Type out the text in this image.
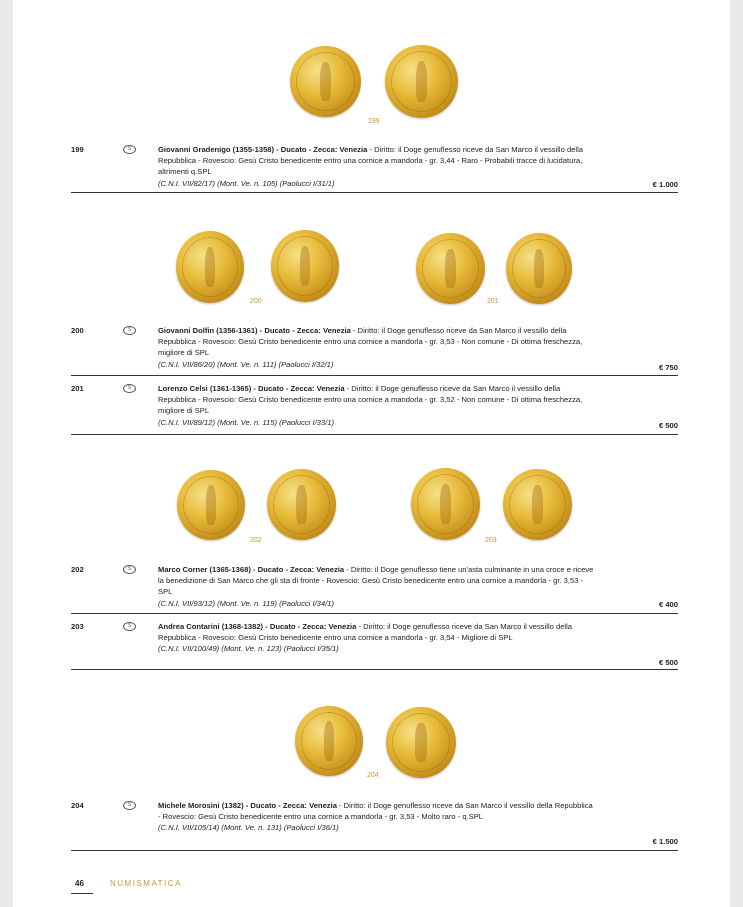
199
199	S	Giovanni Gradenigo (1355-1358) - Ducato - Zecca: Venezia - Diritto: il Doge genuflesso riceve da San Marco il vessillo della Repubblica - Rovescio: Gesù Cristo benedicente entro una cornice a mandorla - gr. 3,44 - Raro - Probabili tracce di lucidatura, altrimenti q.SPL
(C.N.I. VII/82/17) (Mont. Ve. n. 105) (Paolucci I/31/1)	€ 1.000
200	201
200	S	Giovanni Dolfin (1356-1361) - Ducato - Zecca: Venezia - Diritto: il Doge genuflesso riceve da San Marco il vessillo della Repubblica - Rovescio: Gesù Cristo benedicente entro una cornice a mandorla - gr. 3,53 - Non comune - Di ottima freschezza, migliore di SPL
(C.N.I. VII/86/20) (Mont. Ve. n. 111) (Paolucci I/32/1)	€ 750
201	S	Lorenzo Celsi (1361-1365) - Ducato - Zecca: Venezia - Diritto: il Doge genuflesso riceve da San Marco il vessillo della Repubblica - Rovescio: Gesù Cristo benedicente entro una cornice a mandorla - gr. 3,52 - Non comune - Di ottima freschezza, migliore di SPL
(C.N.I. VII/89/12) (Mont. Ve. n. 115) (Paolucci I/33/1)	€ 500
202	203
202	S	Marco Corner (1365-1368) - Ducato - Zecca: Venezia - Diritto: il Doge genuflesso tiene un'asta culminante in una croce e riceve la benedizione di San Marco che gli sta di fronte - Rovescio: Gesù Cristo benedicente entro una cornice a mandorla - gr. 3,53 - SPL
(C.N.I. VII/93/12) (Mont. Ve. n. 119) (Paolucci I/34/1)	€ 400
203	S	Andrea Contarini (1368-1382) - Ducato - Zecca: Venezia - Diritto: il Doge genuflesso riceve da San Marco il vessillo della Repubblica - Rovescio: Gesù Cristo benedicente entro una cornice a mandorla - gr. 3,54 - Migliore di SPL
(C.N.I. VII/100/49) (Mont. Ve. n. 123) (Paolucci I/35/1)
€ 500
204
204	S	Michele Morosini (1382) - Ducato - Zecca: Venezia - Diritto: il Doge genuflesso riceve da San Marco il vessillo della Repubblica - Rovescio: Gesù Cristo benedicente entro una cornice a mandorla - gr. 3,53 - Molto raro - q.SPL
(C.N.I. VII/105/14) (Mont. Ve. n. 131) (Paolucci I/36/1)
€ 1.500
46	NUMISMATICA
